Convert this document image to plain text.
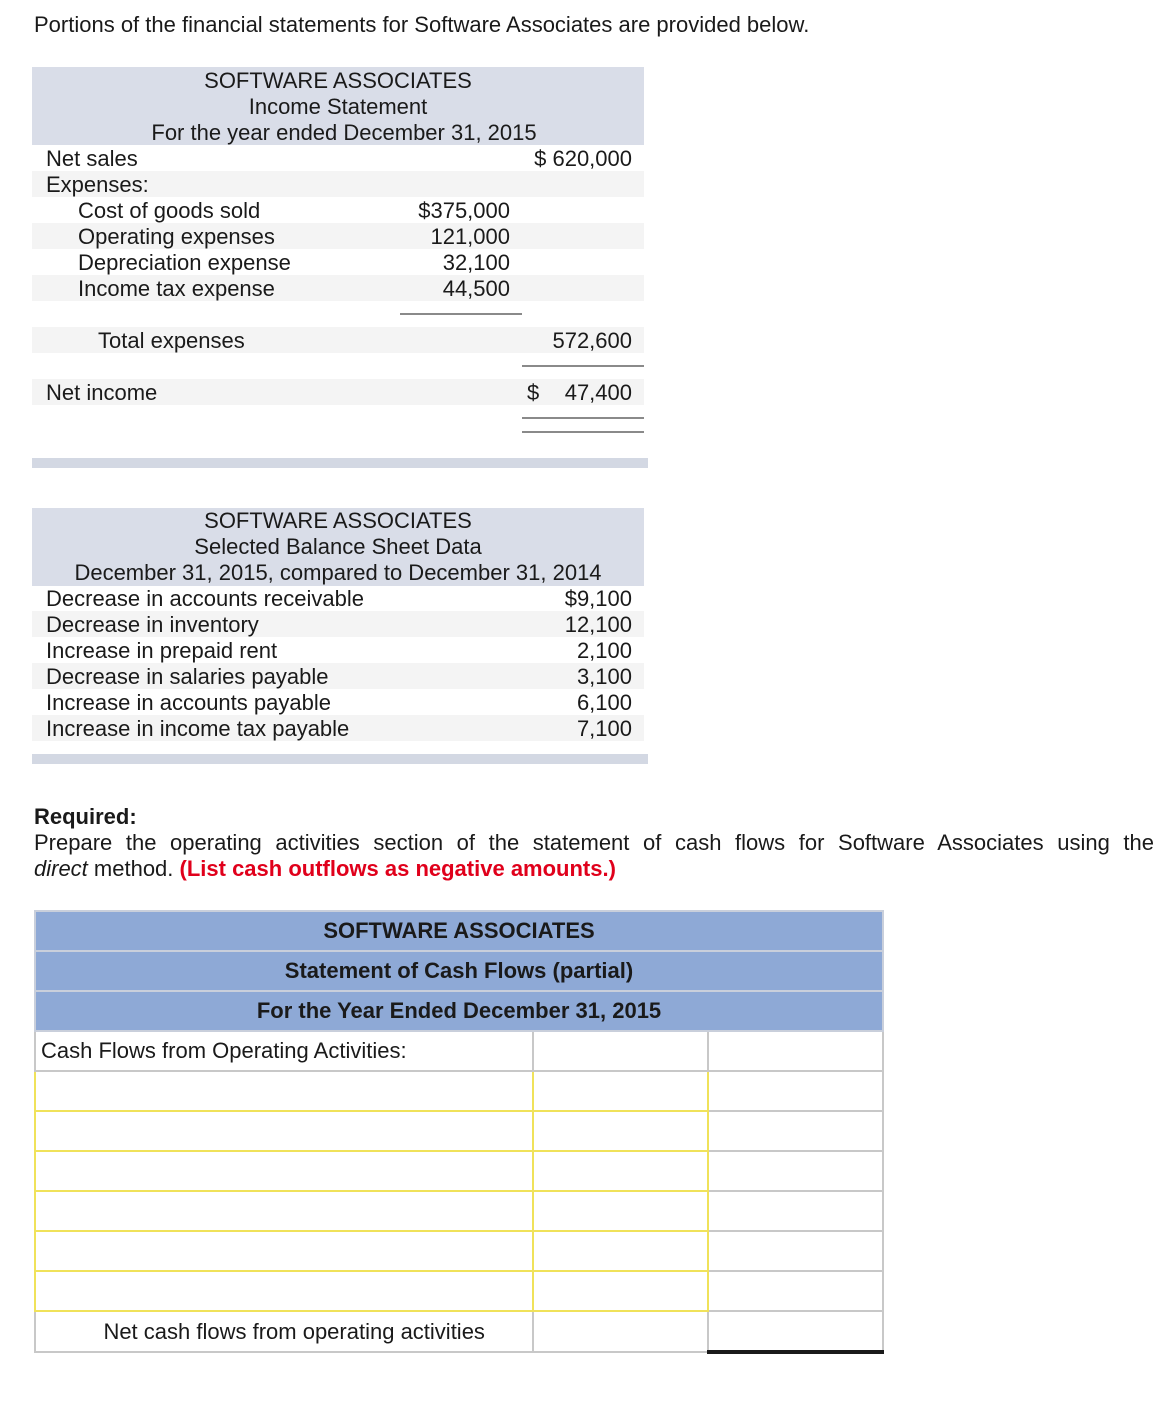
Portions of the financial statements for Software Associates are provided below.
SOFTWARE ASSOCIATES
Income Statement
For the year ended December 31, 2015
Net sales	$ 620,000
Expenses:
Cost of goods sold	$375,000
Operating expenses	121,000
Depreciation expense	32,100
Income tax expense	44,500
Total expenses	572,600
Net income	$	47,400
SOFTWARE ASSOCIATES
Selected Balance Sheet Data
December 31, 2015, compared to December 31, 2014
Decrease in accounts receivable	$9,100
Decrease in inventory	12,100
Increase in prepaid rent	2,100
Decrease in salaries payable	3,100
Increase in accounts payable	6,100
Increase in income tax payable	7,100
Required:
Prepare the operating activities section of the statement of cash flows for Software Associates using the
direct method. (List cash outflows as negative amounts.)
SOFTWARE ASSOCIATES		
Statement of Cash Flows (partial)		
For the Year Ended December 31, 2015		
Cash Flows from Operating Activities:		

Net cash flows from operating activities		
